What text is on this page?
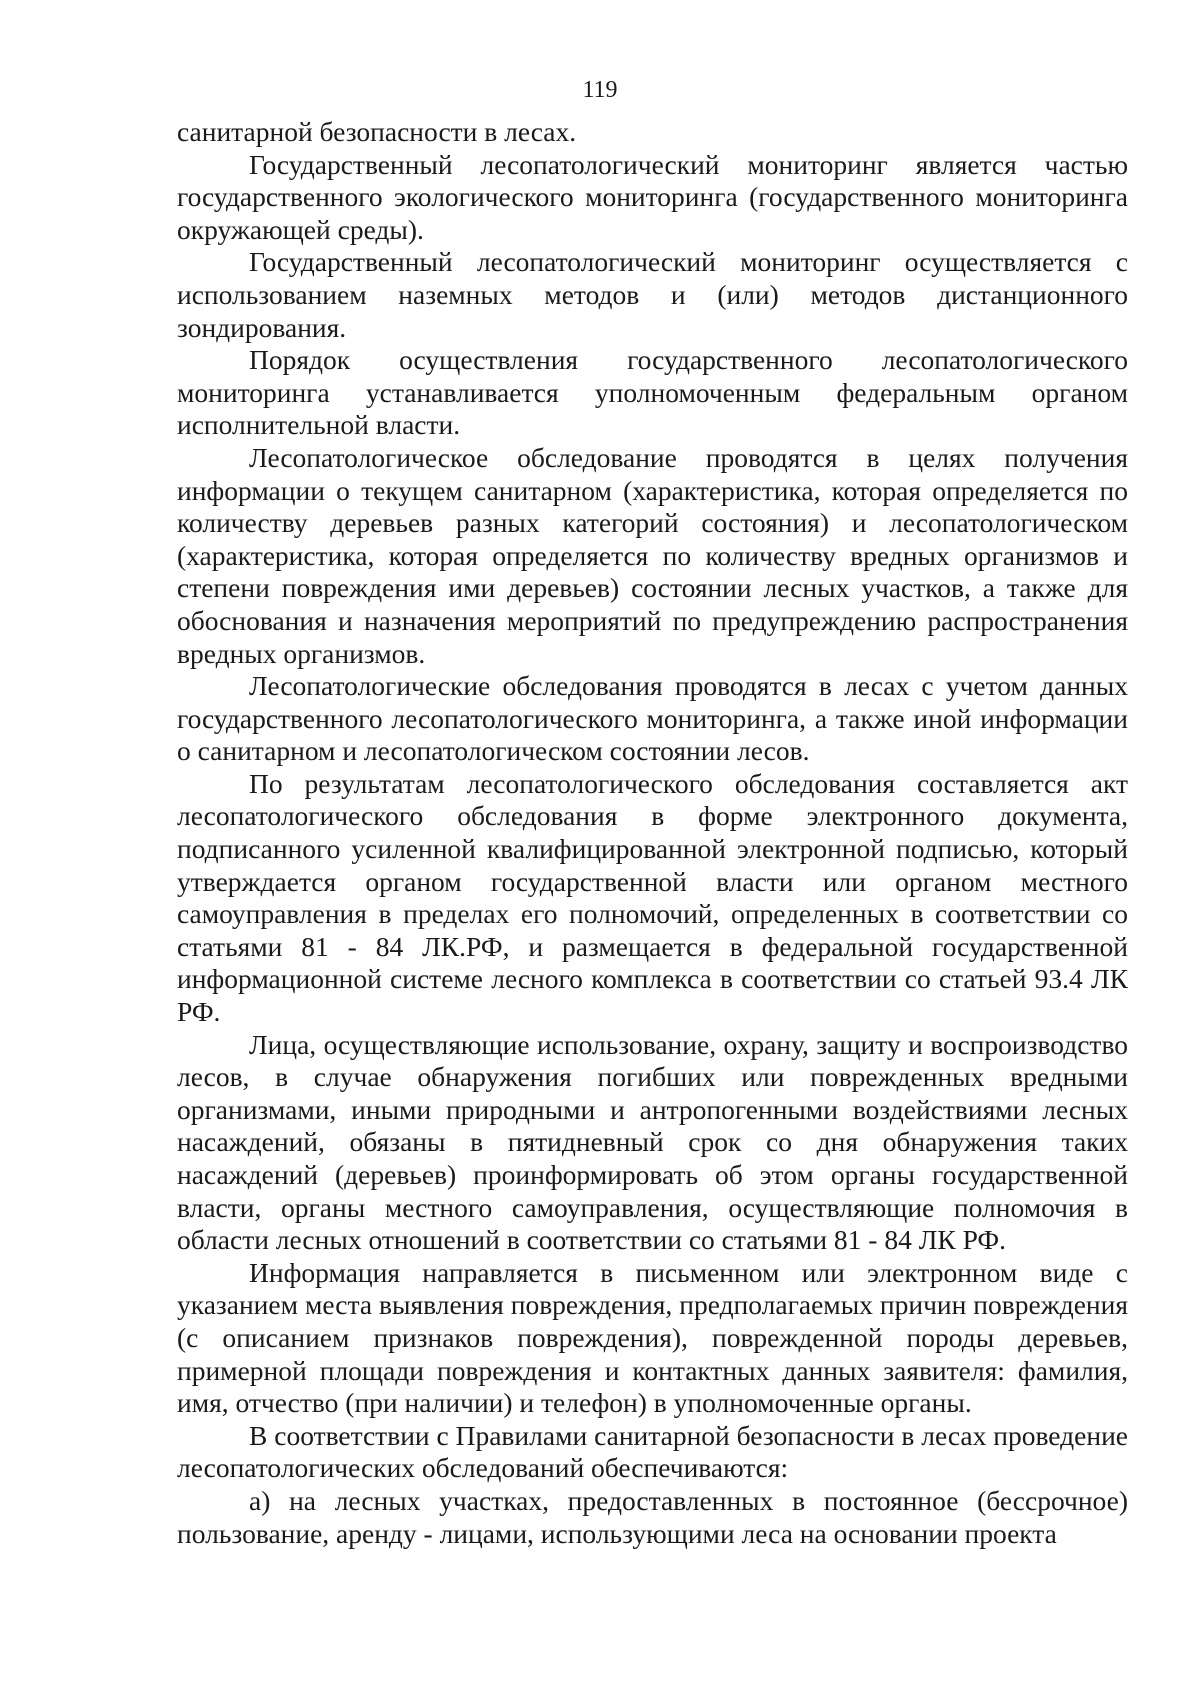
119

санитарной безопасности в лесах.

Государственный лесопатологический мониторинг является частью государственного экологического мониторинга (государственного мониторинга окружающей среды).

Государственный лесопатологический мониторинг осуществляется с использованием наземных методов и (или) методов дистанционного зондирования.

Порядок осуществления государственного лесопатологического мониторинга устанавливается уполномоченным федеральным органом исполнительной власти.

Лесопатологическое обследование проводятся в целях получения информации о текущем санитарном (характеристика, которая определяется по количеству деревьев разных категорий состояния) и лесопатологическом (характеристика, которая определяется по количеству вредных организмов и степени повреждения ими деревьев) состоянии лесных участков, а также для обоснования и назначения мероприятий по предупреждению распространения вредных организмов.

Лесопатологические обследования проводятся в лесах с учетом данных государственного лесопатологического мониторинга, а также иной информации о санитарном и лесопатологическом состоянии лесов.

По результатам лесопатологического обследования составляется акт лесопатологического обследования в форме электронного документа, подписанного усиленной квалифицированной электронной подписью, который утверждается органом государственной власти или органом местного самоуправления в пределах его полномочий, определенных в соответствии со статьями 81 - 84 ЛК.РФ, и размещается в федеральной государственной информационной системе лесного комплекса в соответствии со статьей 93.4 ЛК РФ.

Лица, осуществляющие использование, охрану, защиту и воспроизводство лесов, в случае обнаружения погибших или поврежденных вредными организмами, иными природными и антропогенными воздействиями лесных насаждений, обязаны в пятидневный срок со дня обнаружения таких насаждений (деревьев) проинформировать об этом органы государственной власти, органы местного самоуправления, осуществляющие полномочия в области лесных отношений в соответствии со статьями 81 - 84 ЛК РФ.

Информация направляется в письменном или электронном виде с указанием места выявления повреждения, предполагаемых причин повреждения (с описанием признаков повреждения), поврежденной породы деревьев, примерной площади повреждения и контактных данных заявителя: фамилия, имя, отчество (при наличии) и телефон) в уполномоченные органы.

В соответствии с Правилами санитарной безопасности в лесах проведение лесопатологических обследований обеспечиваются:

а) на лесных участках, предоставленных в постоянное (бессрочное) пользование, аренду - лицами, использующими леса на основании проекта
